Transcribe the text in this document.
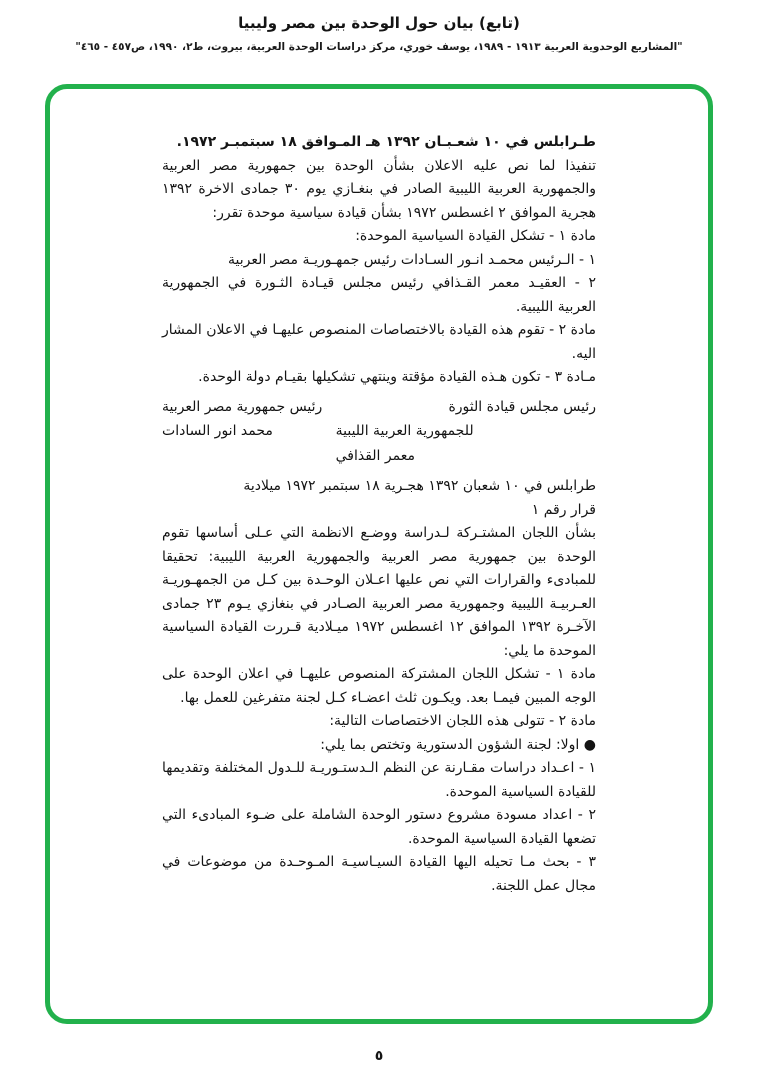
(تابع) بيان حول الوحدة بين مصر وليبيا
"المشاريع الوحدوية العربية ١٩١٣ - ١٩٨٩، يوسف خوري، مركز دراسات الوحدة العربية، بيروت، ط٢، ١٩٩٠، ص٤٥٧ - ٤٦٥"

طـرابلس في ١٠ شعـبـان ١٣٩٢ هـ المـوافق ١٨ سبتمبـر ١٩٧٢.

تنفيذا لما نص عليه الاعلان بشأن الوحدة بين جمهورية مصر العربية والجمهورية العربية الليبية الصادر في بنغـازي يوم ٣٠ جمادى الاخرة ١٣٩٢ هجرية الموافق ٢ اغسطس ١٩٧٢ بشأن قيادة سياسية موحدة تقرر:

مادة ١ - تشكل القيادة السياسية الموحدة:

١ - الـرئيس محمـد انـور السـادات رئيس جمهـوريـة مصر العربية

٢ - العقيـد معمر القـذافي رئيس مجلس قيـادة الثـورة في الجمهورية العربية الليبية.

مادة ٢ - تقوم هذه القيادة بالاختصاصات المنصوص عليهـا في الاعلان المشار اليه.

مـادة ٣ - تكون هـذه القيادة مؤقتة وينتهي تشكيلها بقيـام دولة الوحدة.

رئيس مجلس قيادة الثورة
للجمهورية العربية الليبية
معمر القذافي
رئيس جمهورية مصر العربية
محمد انور السادات

طرابلس في ١٠ شعبان ١٣٩٢ هجـرية ١٨ سبتمبر ١٩٧٢ ميلادية

قرار رقم ١

بشأن اللجان المشتـركة لـدراسة ووضـع الانظمة التي عـلى أساسها تقوم الوحدة بين جمهورية مصر العربية والجمهورية العربية الليبية: تحقيقا للمبادىء والقرارات التي نص عليها اعـلان الوحـدة بين كـل من الجمهـوريـة العـربيـة الليبية وجمهورية مصر العربية الصـادر في بنغازي يـوم ٢٣ جمادى الآخـرة ١٣٩٢ الموافق ١٢ اغسطس ١٩٧٢ ميـلادية قـررت القيادة السياسية الموحدة ما يلي:

مادة ١ - تشكل اللجان المشتركة المنصوص عليهـا في اعلان الوحدة على الوجه المبين فيمـا بعد. ويكـون ثلث اعضـاء كـل لجنة متفرغين للعمل بها.

مادة ٢ - تتولى هذه اللجان الاختصاصات التالية:

● اولا: لجنة الشؤون الدستورية وتختص بما يلي:

١ - اعـداد دراسات مقـارنة عن النظم الـدستـوريـة للـدول المختلفة وتقديمها للقيادة السياسية الموحدة.

٢ - اعداد مسودة مشروع دستور الوحدة الشاملة على ضـوء المبادىء التي تضعها القيادة السياسية الموحدة.

٣ - بحث مـا تحيله اليها القيادة السيـاسيـة المـوحـدة من موضوعات في مجال عمل اللجنة.

٥
